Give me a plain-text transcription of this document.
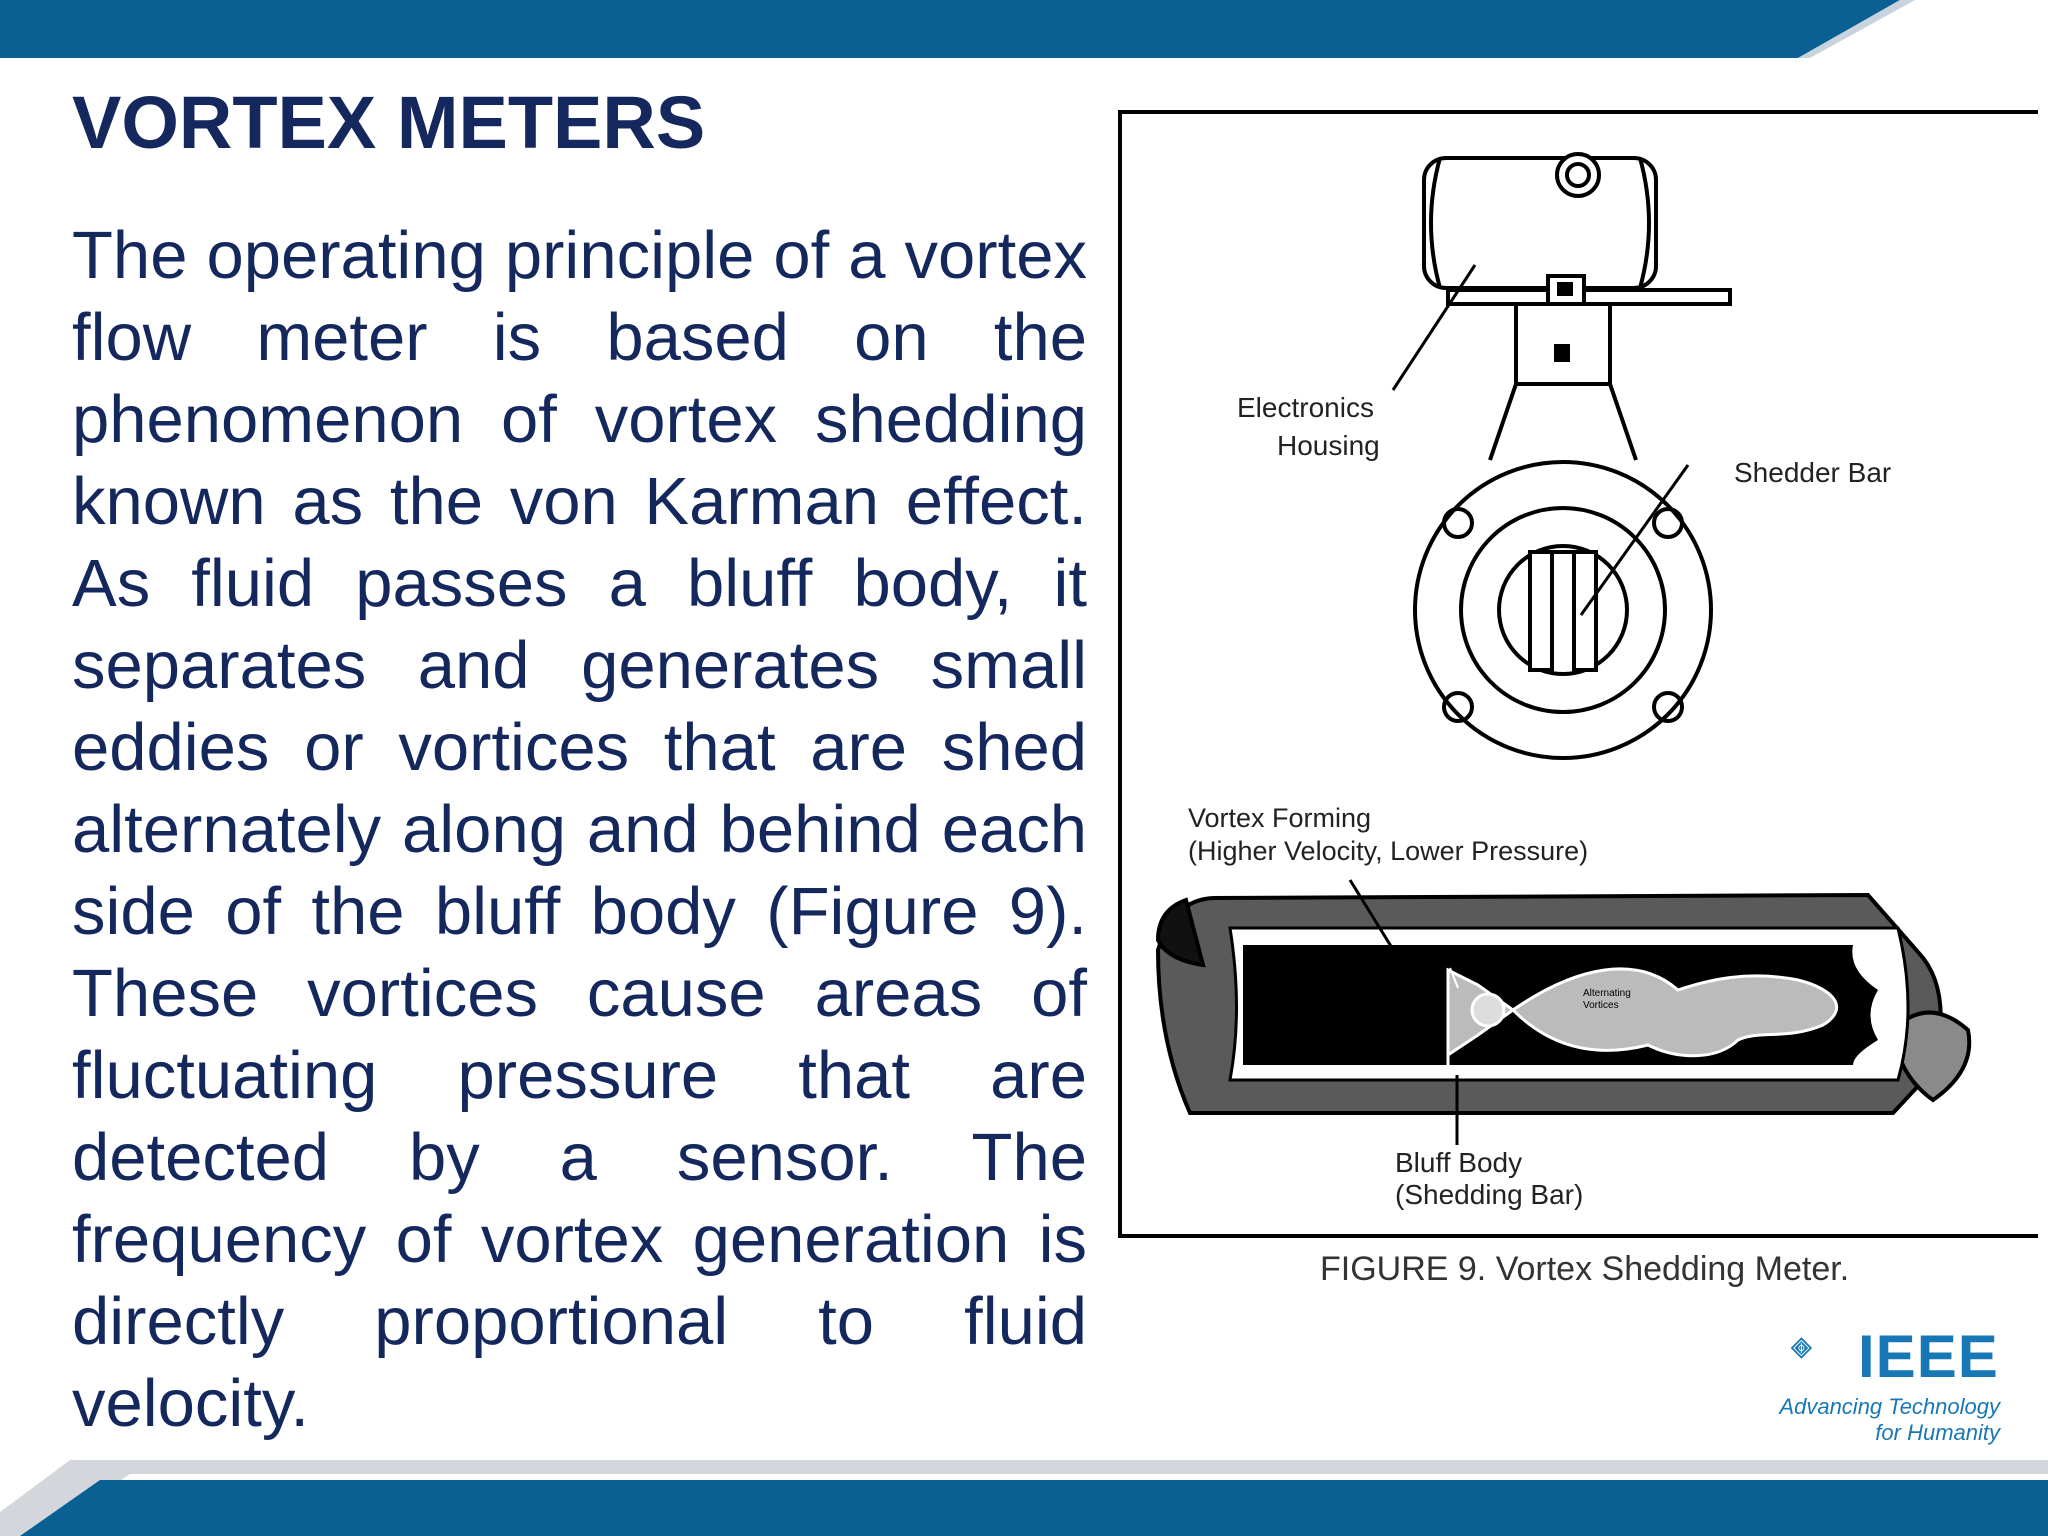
VORTEX METERS

The operating principle of a vortex flow meter is based on the phenomenon of vortex shedding known as the von Karman effect. As fluid passes a bluff body, it separates and generates small eddies or vortices that are shed alternately along and behind each side of the bluff body (Figure 9). These vortices cause areas of fluctuating pressure that are detected by a sensor. The frequency of vortex generation is directly proportional to fluid velocity.

Electronics
Housing
Shedder Bar
Vortex Forming
(Higher Velocity, Lower Pressure)
Alternating Vortices
Bluff Body
(Shedding Bar)
FIGURE 9. Vortex Shedding Meter.
IEEE
Advancing Technology
for Humanity
